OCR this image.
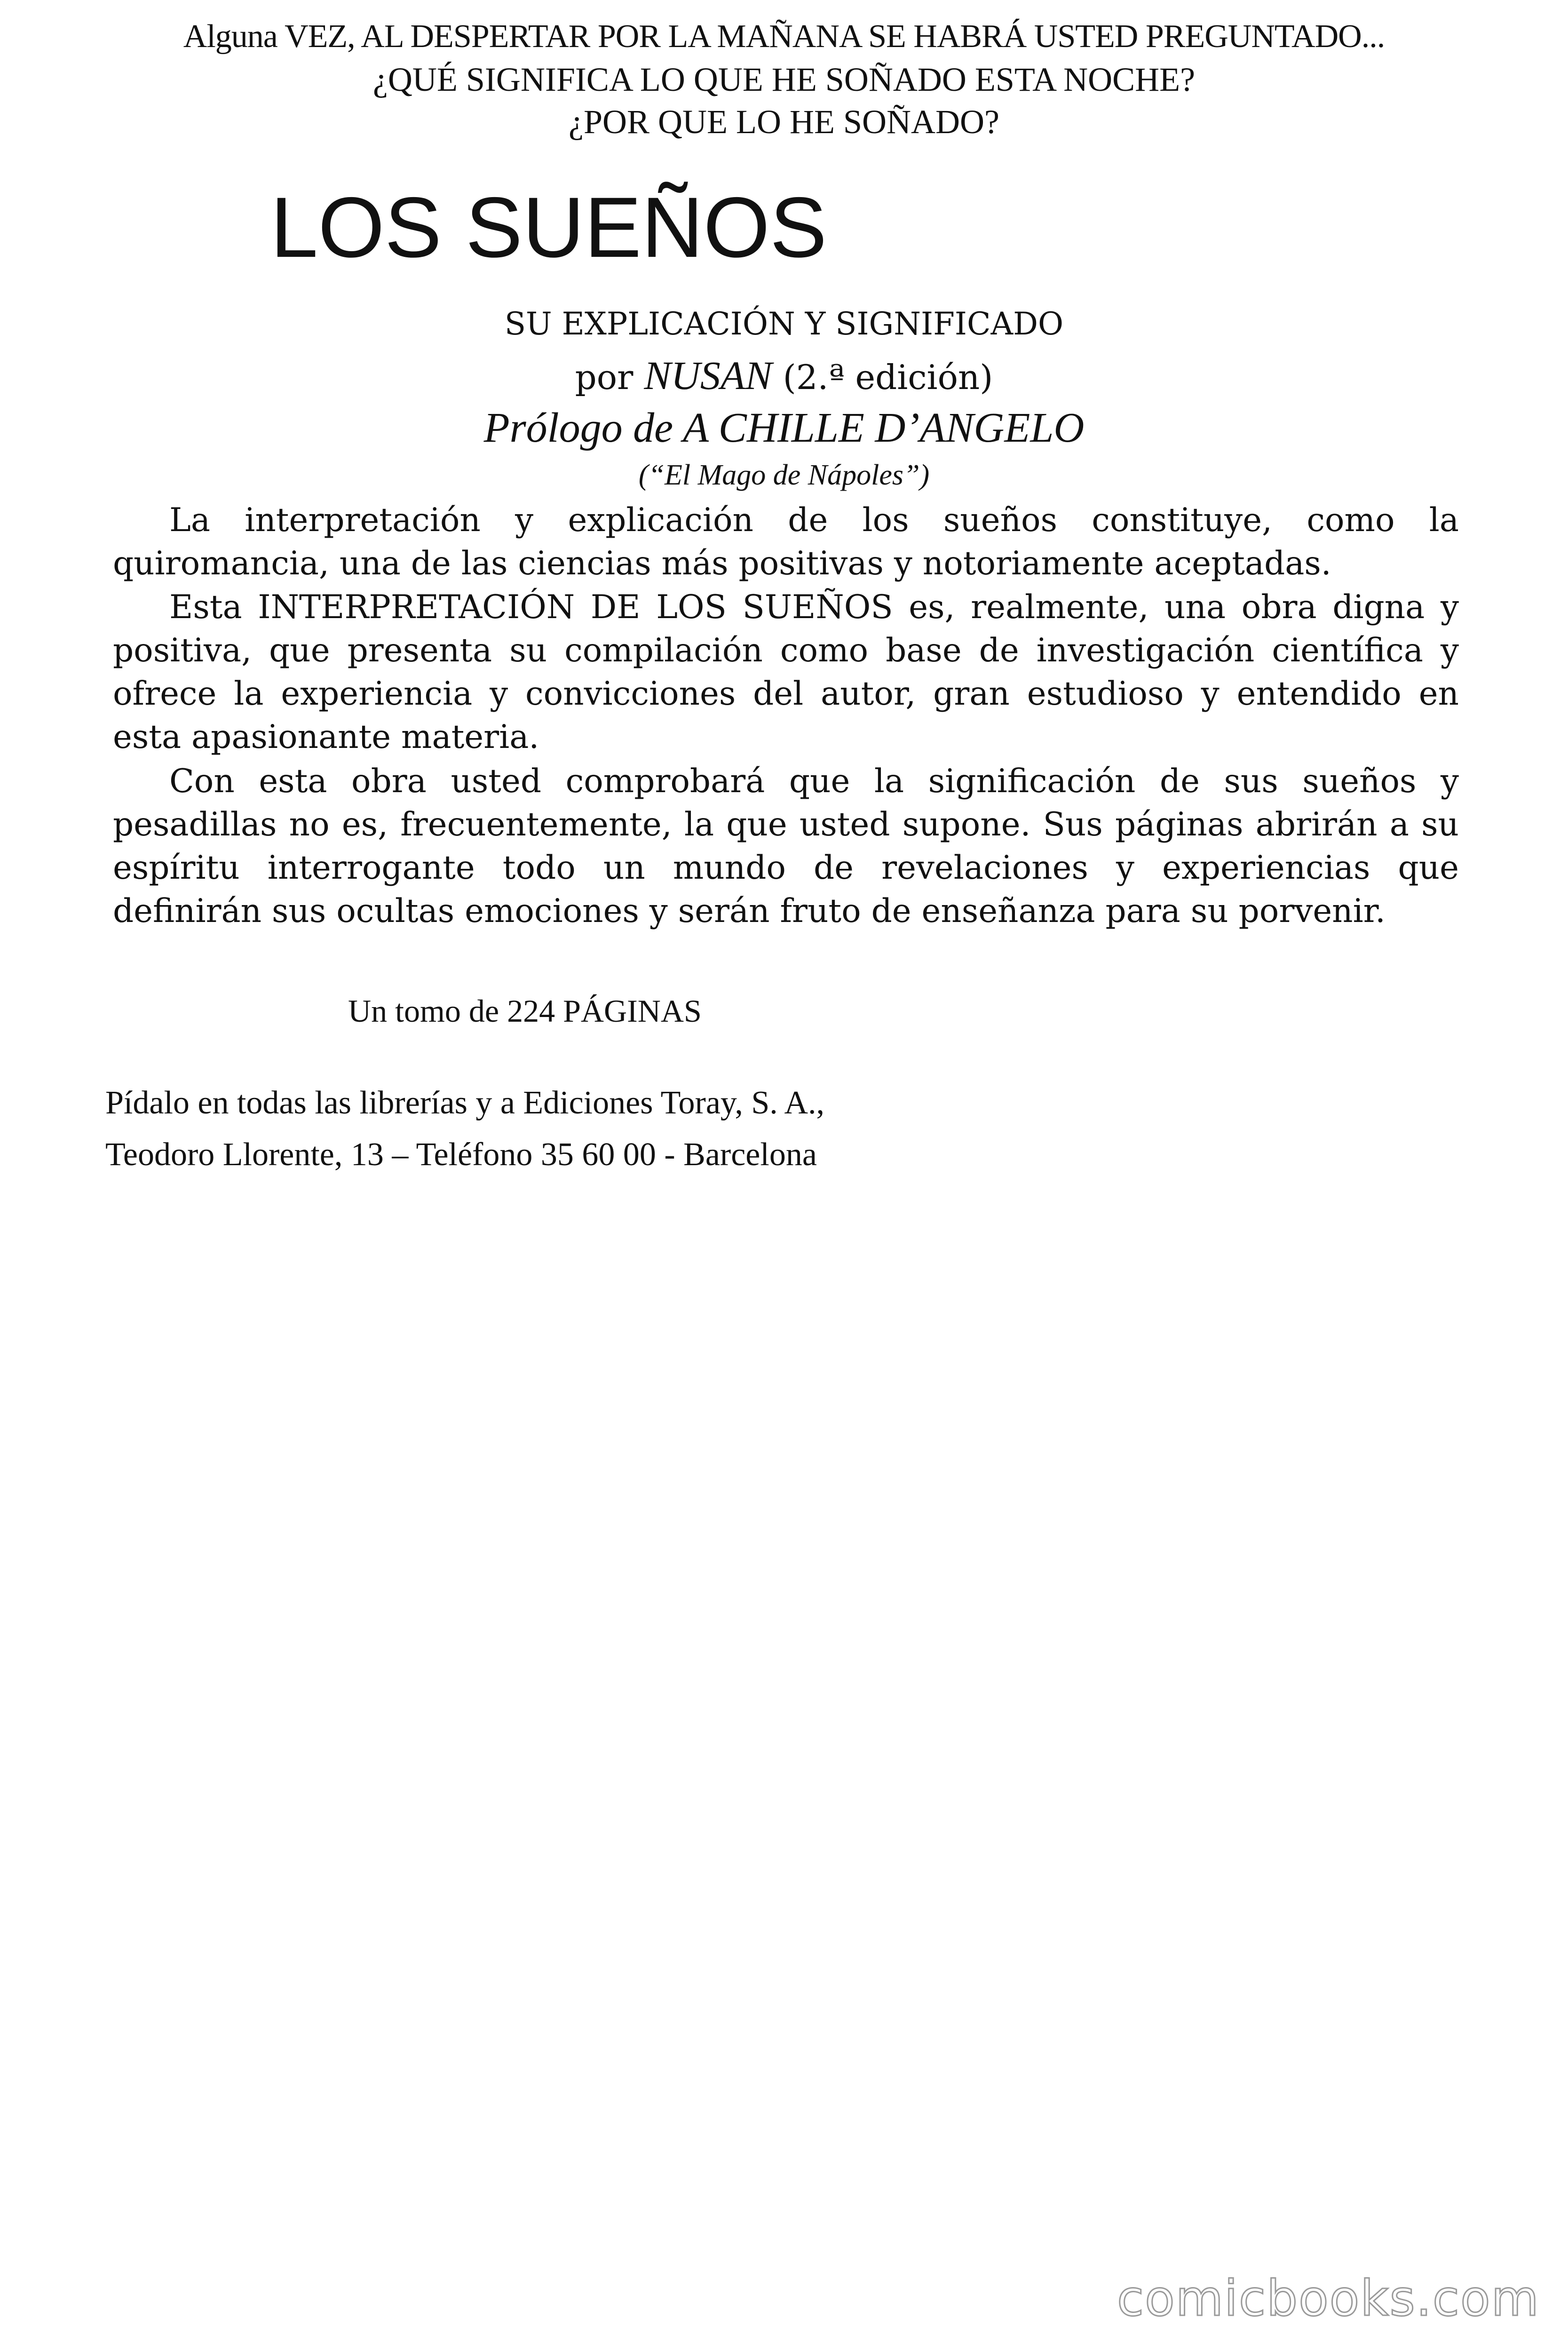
Alguna VEZ, AL DESPERTAR POR LA MAÑANA SE HABRÁ USTED PREGUNTADO...
¿QUÉ SIGNIFICA LO QUE HE SOÑADO ESTA NOCHE?
¿POR QUE LO HE SOÑADO?
LOS SUEÑOS
SU EXPLICACIÓN Y SIGNIFICADO
por NUSAN (2.ª edición)
Prólogo de A CHILLE D’ANGELO
(“El Mago de Nápoles”)

La interpretación y explicación de los sueños constituye, como la quiromancia, una de las ciencias más positivas y notoriamente aceptadas.

Esta INTERPRETACIÓN DE LOS SUEÑOS es, realmente, una obra digna y positiva, que presenta su compilación como base de investigación científica y ofrece la experiencia y convicciones del autor, gran estudioso y entendido en esta apasionante materia.

Con esta obra usted comprobará que la significación de sus sueños y pesadillas no es, frecuentemente, la que usted supone. Sus páginas abrirán a su espíritu interrogante todo un mundo de revelaciones y experiencias que definirán sus ocultas emociones y serán fruto de enseñanza para su porvenir.

Un tomo de 224 PÁGINAS
Pídalo en todas las librerías y a Ediciones Toray, S. A.,
Teodoro Llorente, 13 – Teléfono 35 60 00 - Barcelona
comicbooks.com
